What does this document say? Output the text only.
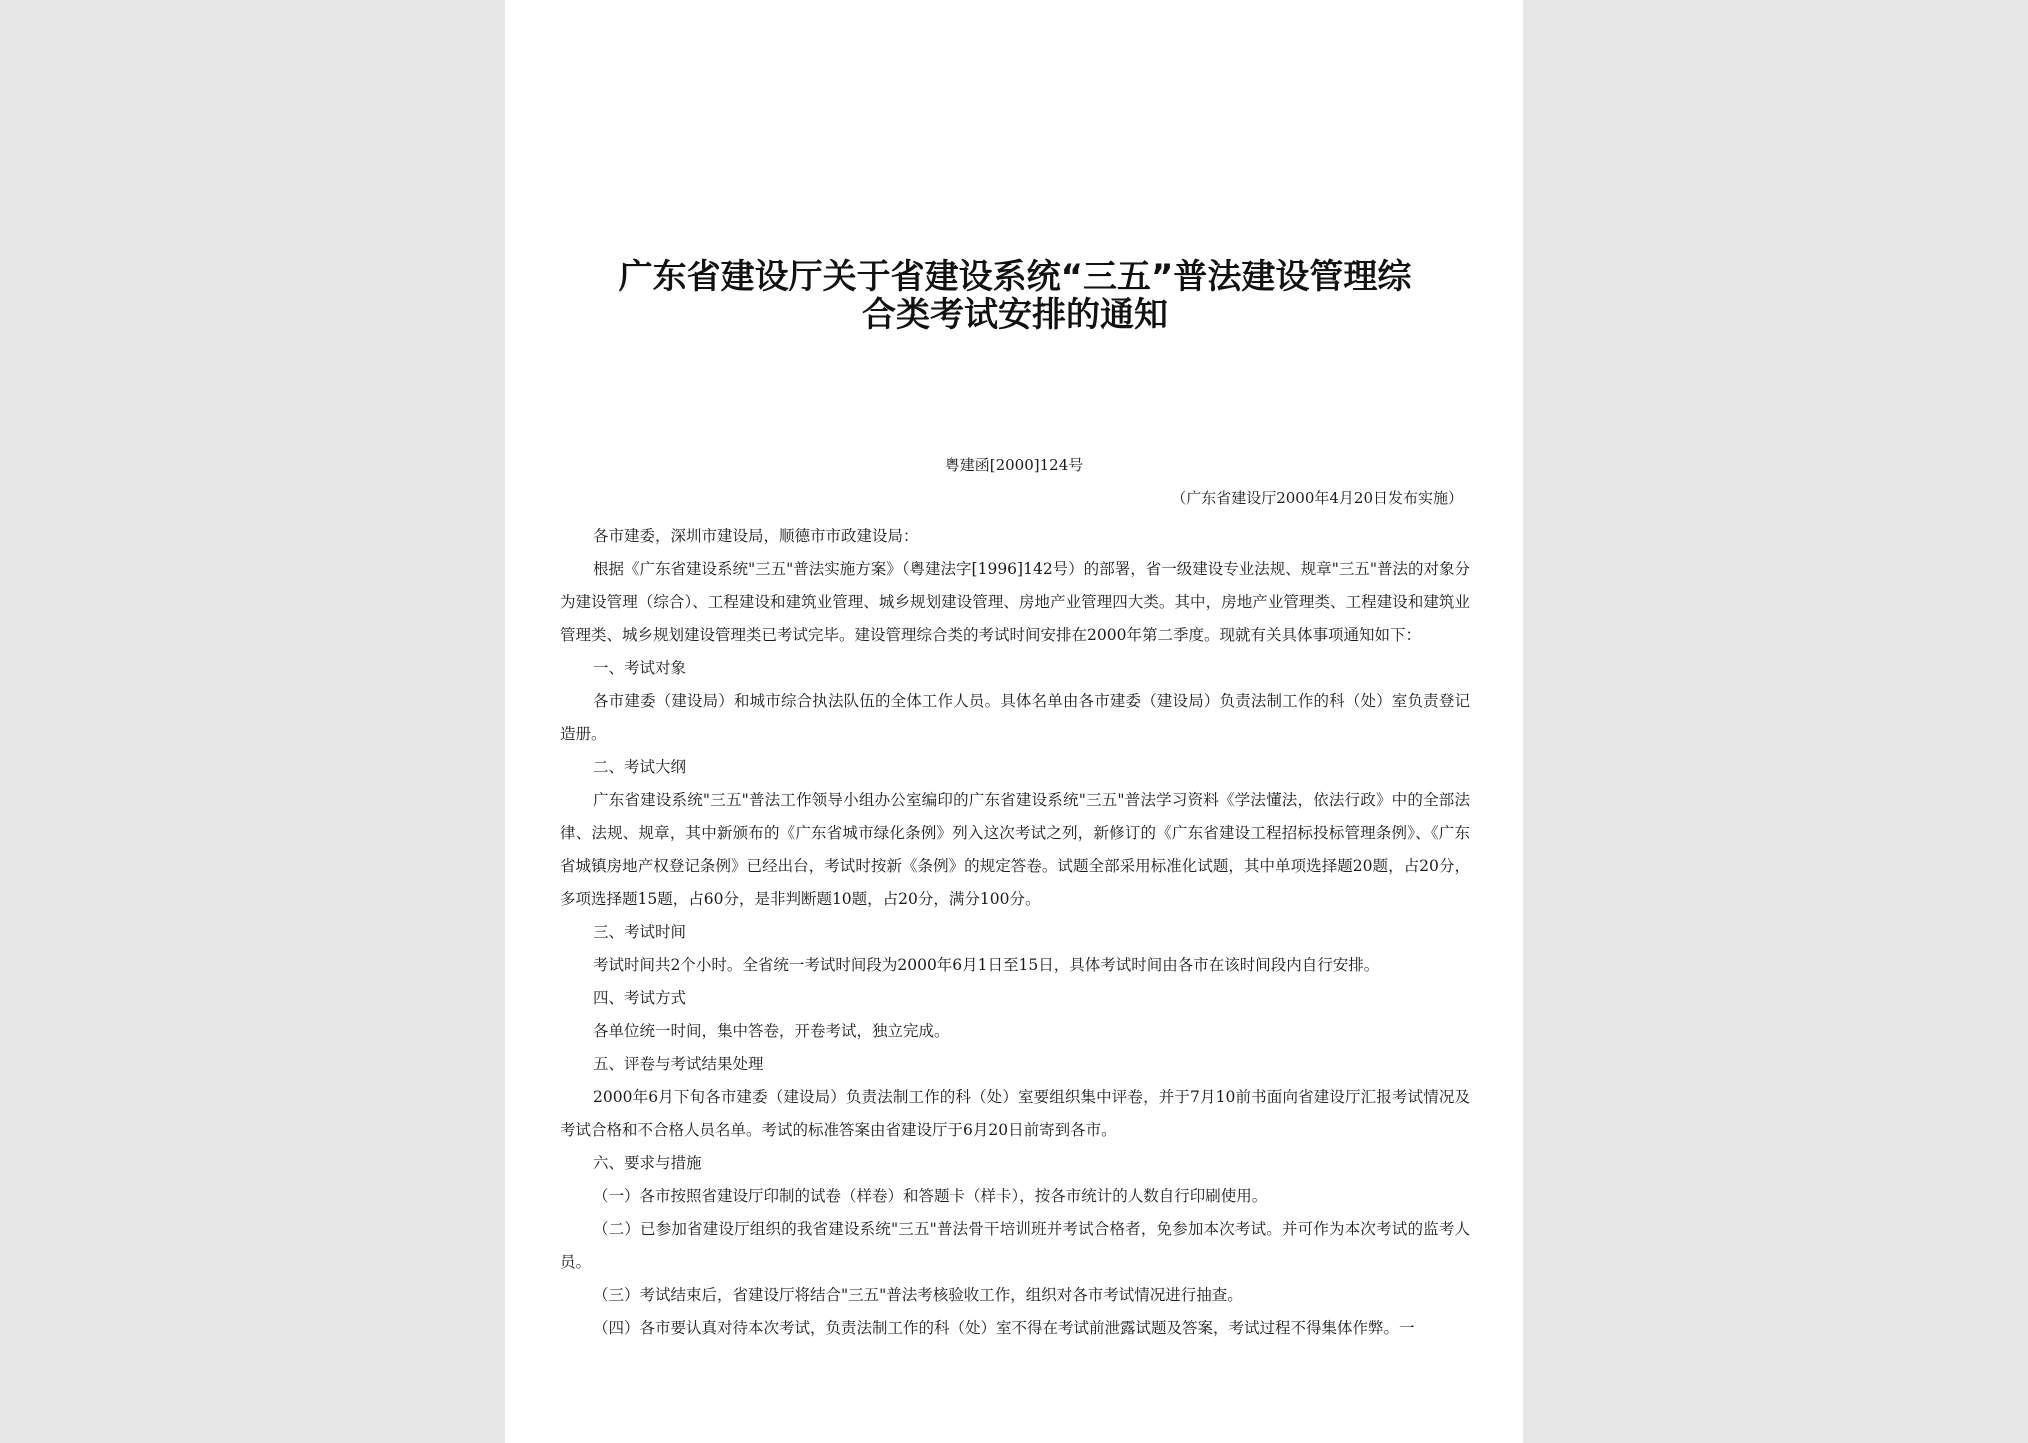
广东省建设厅关于省建设系统“三五”普法建设管理综
合类考试安排的通知
粤建函[2000]124号
（广东省建设厅2000年4月20日发布实施）

各市建委，深圳市建设局，顺德市市政建设局：

根据《广东省建设系统"三五"普法实施方案》（粤建法字[1996]142号）的部署，省一级建设专业法规、规章"三五"普法的对象分为建设管理（综合）、工程建设和建筑业管理、城乡规划建设管理、房地产业管理四大类。其中，房地产业管理类、工程建设和建筑业管理类、城乡规划建设管理类已考试完毕。建设管理综合类的考试时间安排在2000年第二季度。现就有关具体事项通知如下：

一、考试对象

各市建委（建设局）和城市综合执法队伍的全体工作人员。具体名单由各市建委（建设局）负责法制工作的科（处）室负责登记造册。

二、考试大纲

广东省建设系统"三五"普法工作领导小组办公室编印的广东省建设系统"三五"普法学习资料《学法懂法，依法行政》中的全部法律、法规、规章，其中新颁布的《广东省城市绿化条例》列入这次考试之列，新修订的《广东省建设工程招标投标管理条例》、《广东省城镇房地产权登记条例》已经出台，考试时按新《条例》的规定答卷。试题全部采用标准化试题，其中单项选择题20题，占20分，多项选择题15题，占60分，是非判断题10题，占20分，满分100分。

三、考试时间

考试时间共2个小时。全省统一考试时间段为2000年6月1日至15日，具体考试时间由各市在该时间段内自行安排。

四、考试方式

各单位统一时间，集中答卷，开卷考试，独立完成。

五、评卷与考试结果处理

2000年6月下旬各市建委（建设局）负责法制工作的科（处）室要组织集中评卷，并于7月10前书面向省建设厅汇报考试情况及考试合格和不合格人员名单。考试的标准答案由省建设厅于6月20日前寄到各市。

六、要求与措施

（一）各市按照省建设厅印制的试卷（样卷）和答题卡（样卡），按各市统计的人数自行印刷使用。

（二）已参加省建设厅组织的我省建设系统"三五"普法骨干培训班并考试合格者，免参加本次考试。并可作为本次考试的监考人员。

（三）考试结束后，省建设厅将结合"三五"普法考核验收工作，组织对各市考试情况进行抽查。

（四）各市要认真对待本次考试，负责法制工作的科（处）室不得在考试前泄露试题及答案，考试过程不得集体作弊。一
